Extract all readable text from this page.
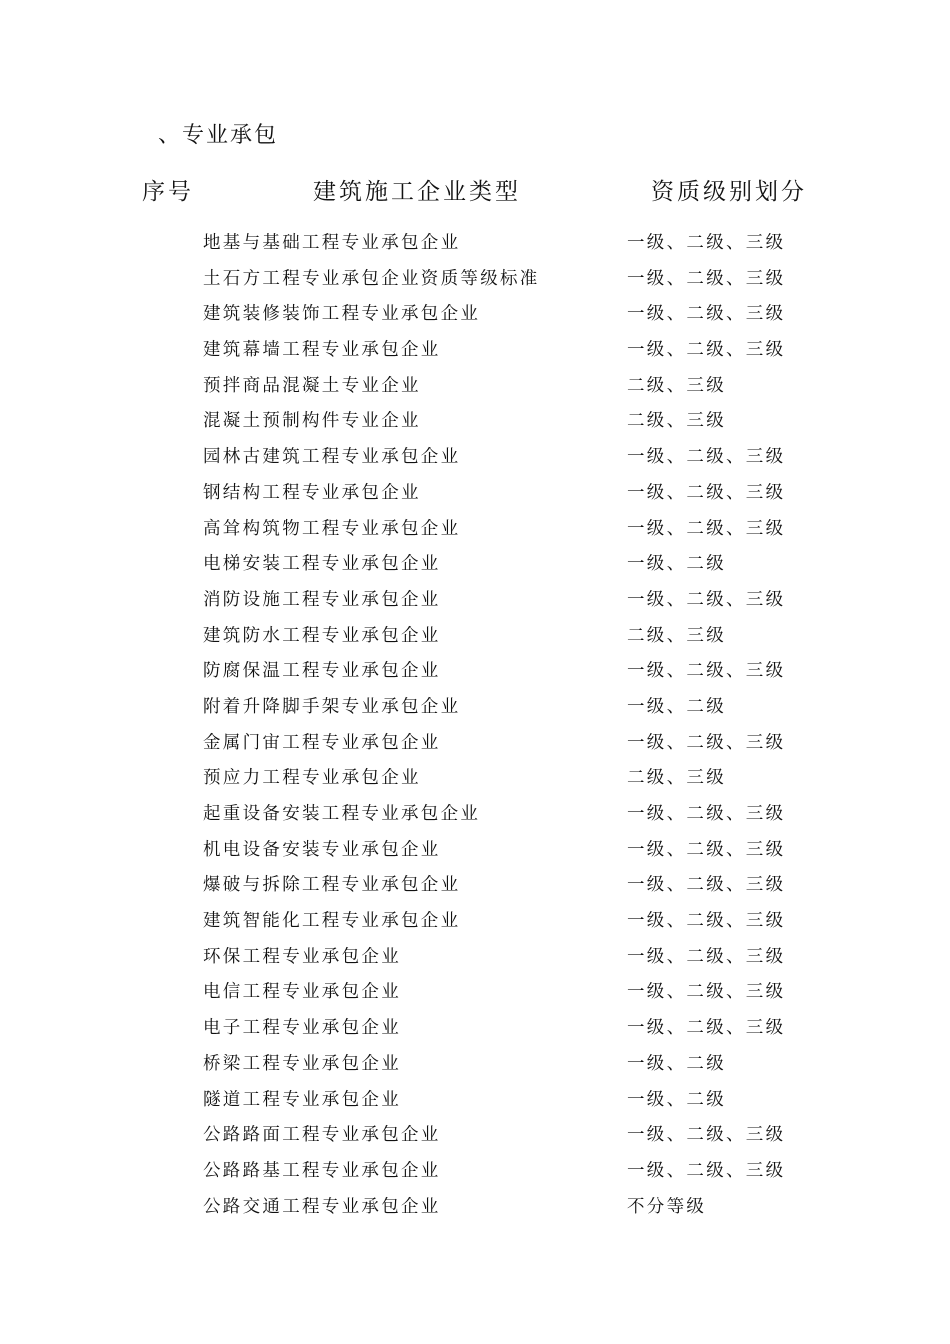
、专业承包
序号	建筑施工企业类型	资质级别划分
地基与基础工程专业承包企业	一级、二级、三级
土石方工程专业承包企业资质等级标准	一级、二级、三级
建筑装修装饰工程专业承包企业	一级、二级、三级
建筑幕墙工程专业承包企业	一级、二级、三级
预拌商品混凝土专业企业	二级、三级
混凝土预制构件专业企业	二级、三级
园林古建筑工程专业承包企业	一级、二级、三级
钢结构工程专业承包企业	一级、二级、三级
高耸构筑物工程专业承包企业	一级、二级、三级
电梯安装工程专业承包企业	一级、二级
消防设施工程专业承包企业	一级、二级、三级
建筑防水工程专业承包企业	二级、三级
防腐保温工程专业承包企业	一级、二级、三级
附着升降脚手架专业承包企业	一级、二级
金属门宙工程专业承包企业	一级、二级、三级
预应力工程专业承包企业	二级、三级
起重设备安装工程专业承包企业	一级、二级、三级
机电设备安装专业承包企业	一级、二级、三级
爆破与拆除工程专业承包企业	一级、二级、三级
建筑智能化工程专业承包企业	一级、二级、三级
环保工程专业承包企业	一级、二级、三级
电信工程专业承包企业	一级、二级、三级
电子工程专业承包企业	一级、二级、三级
桥梁工程专业承包企业	一级、二级
隧道工程专业承包企业	一级、二级
公路路面工程专业承包企业	一级、二级、三级
公路路基工程专业承包企业	一级、二级、三级
公路交通工程专业承包企业	不分等级
